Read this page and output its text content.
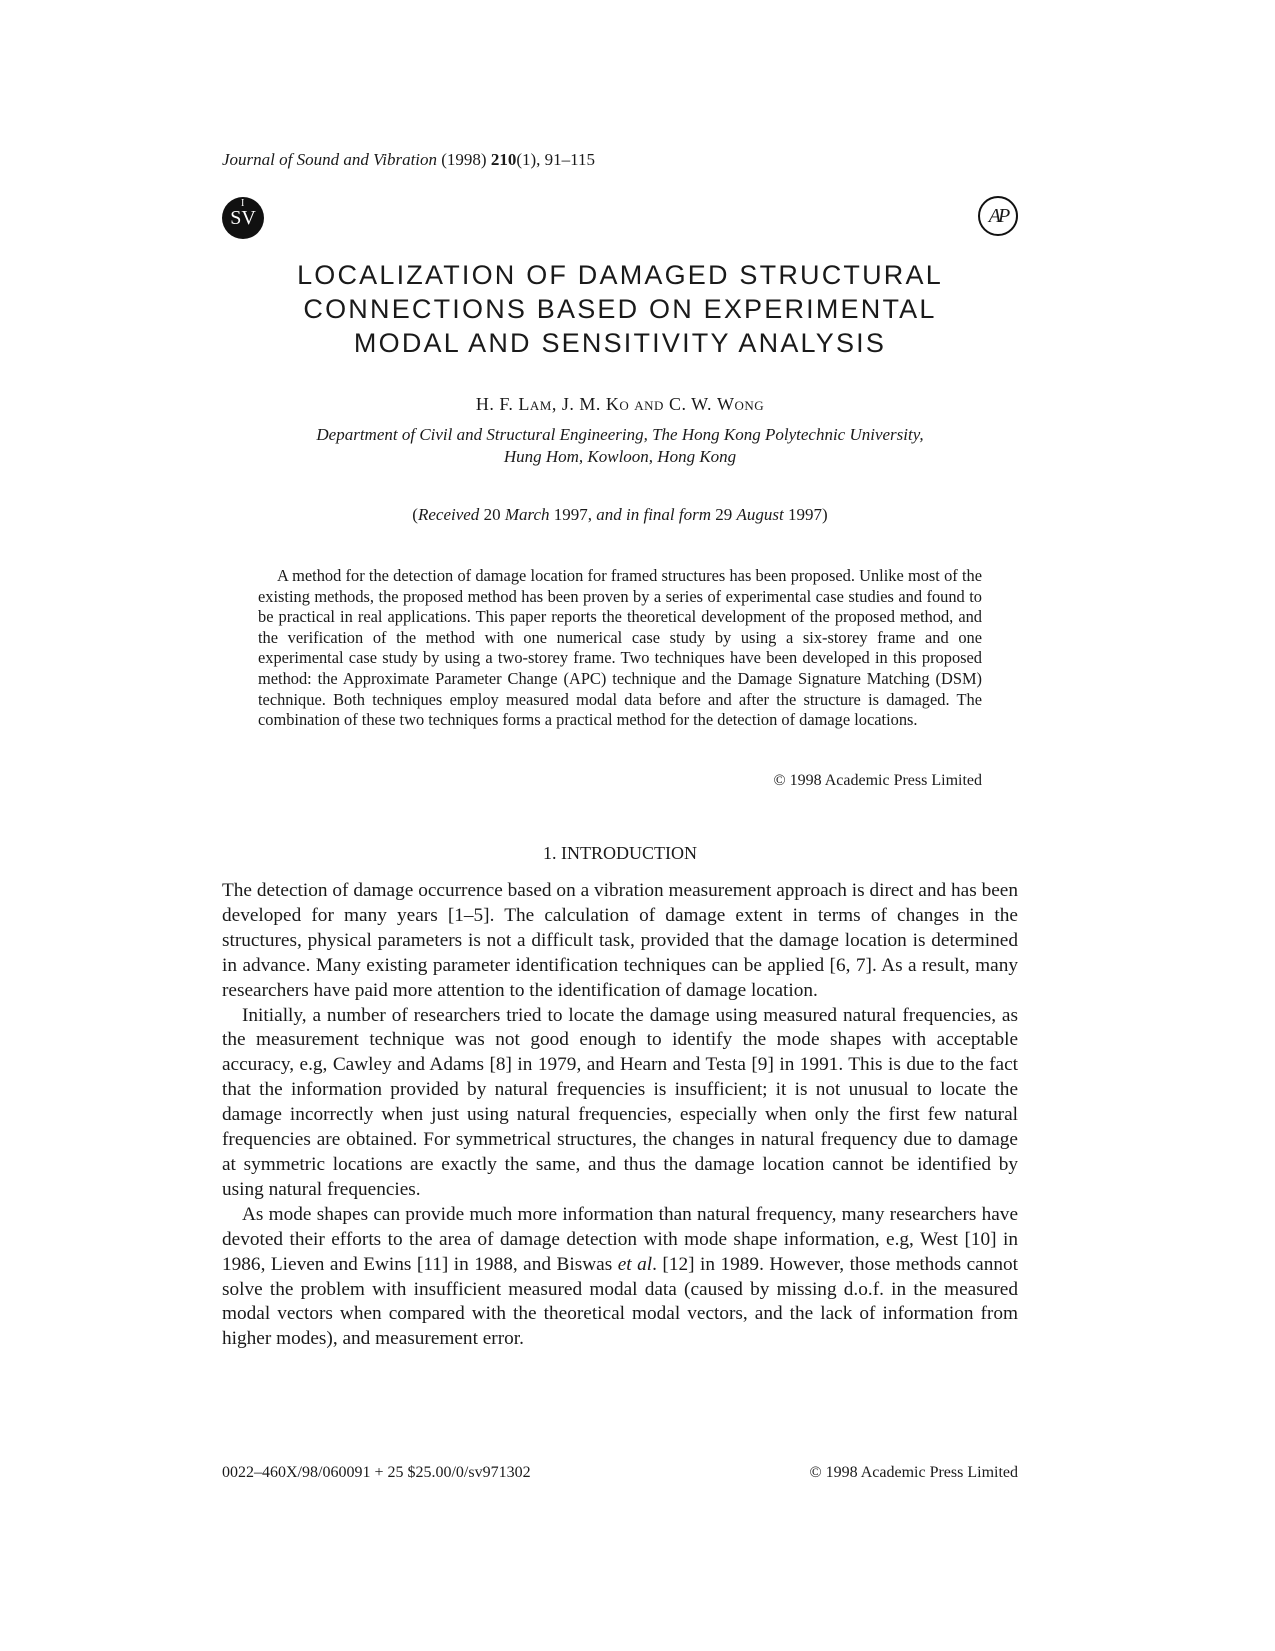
Journal of Sound and Vibration (1998) 210(1), 91–115
I
SV	AP
LOCALIZATION OF DAMAGED STRUCTURAL
CONNECTIONS BASED ON EXPERIMENTAL
MODAL AND SENSITIVITY ANALYSIS
H. F. Lam, J. M. Ko and C. W. Wong
Department of Civil and Structural Engineering, The Hong Kong Polytechnic University,
Hung Hom, Kowloon, Hong Kong
(Received 20 March 1997, and in final form 29 August 1997)

A method for the detection of damage location for framed structures has been proposed. Unlike most of the existing methods, the proposed method has been proven by a series of experimental case studies and found to be practical in real applications. This paper reports the theoretical development of the proposed method, and the verification of the method with one numerical case study by using a six-storey frame and one experimental case study by using a two-storey frame. Two techniques have been developed in this proposed method: the Approximate Parameter Change (APC) technique and the Damage Signature Matching (DSM) technique. Both techniques employ measured modal data before and after the structure is damaged. The combination of these two techniques forms a practical method for the detection of damage locations.

© 1998 Academic Press Limited
1. INTRODUCTION

The detection of damage occurrence based on a vibration measurement approach is direct and has been developed for many years [1–5]. The calculation of damage extent in terms of changes in the structures, physical parameters is not a difficult task, provided that the damage location is determined in advance. Many existing parameter identification techniques can be applied [6, 7]. As a result, many researchers have paid more attention to the identification of damage location.

Initially, a number of researchers tried to locate the damage using measured natural frequencies, as the measurement technique was not good enough to identify the mode shapes with acceptable accuracy, e.g, Cawley and Adams [8] in 1979, and Hearn and Testa [9] in 1991. This is due to the fact that the information provided by natural frequencies is insufficient; it is not unusual to locate the damage incorrectly when just using natural frequencies, especially when only the first few natural frequencies are obtained. For symmetrical structures, the changes in natural frequency due to damage at symmetric locations are exactly the same, and thus the damage location cannot be identified by using natural frequencies.

As mode shapes can provide much more information than natural frequency, many researchers have devoted their efforts to the area of damage detection with mode shape information, e.g, West [10] in 1986, Lieven and Ewins [11] in 1988, and Biswas et al. [12] in 1989. However, those methods cannot solve the problem with insufficient measured modal data (caused by missing d.o.f. in the measured modal vectors when compared with the theoretical modal vectors, and the lack of information from higher modes), and measurement error.

0022–460X/98/060091 + 25 $25.00/0/sv971302	© 1998 Academic Press Limited
